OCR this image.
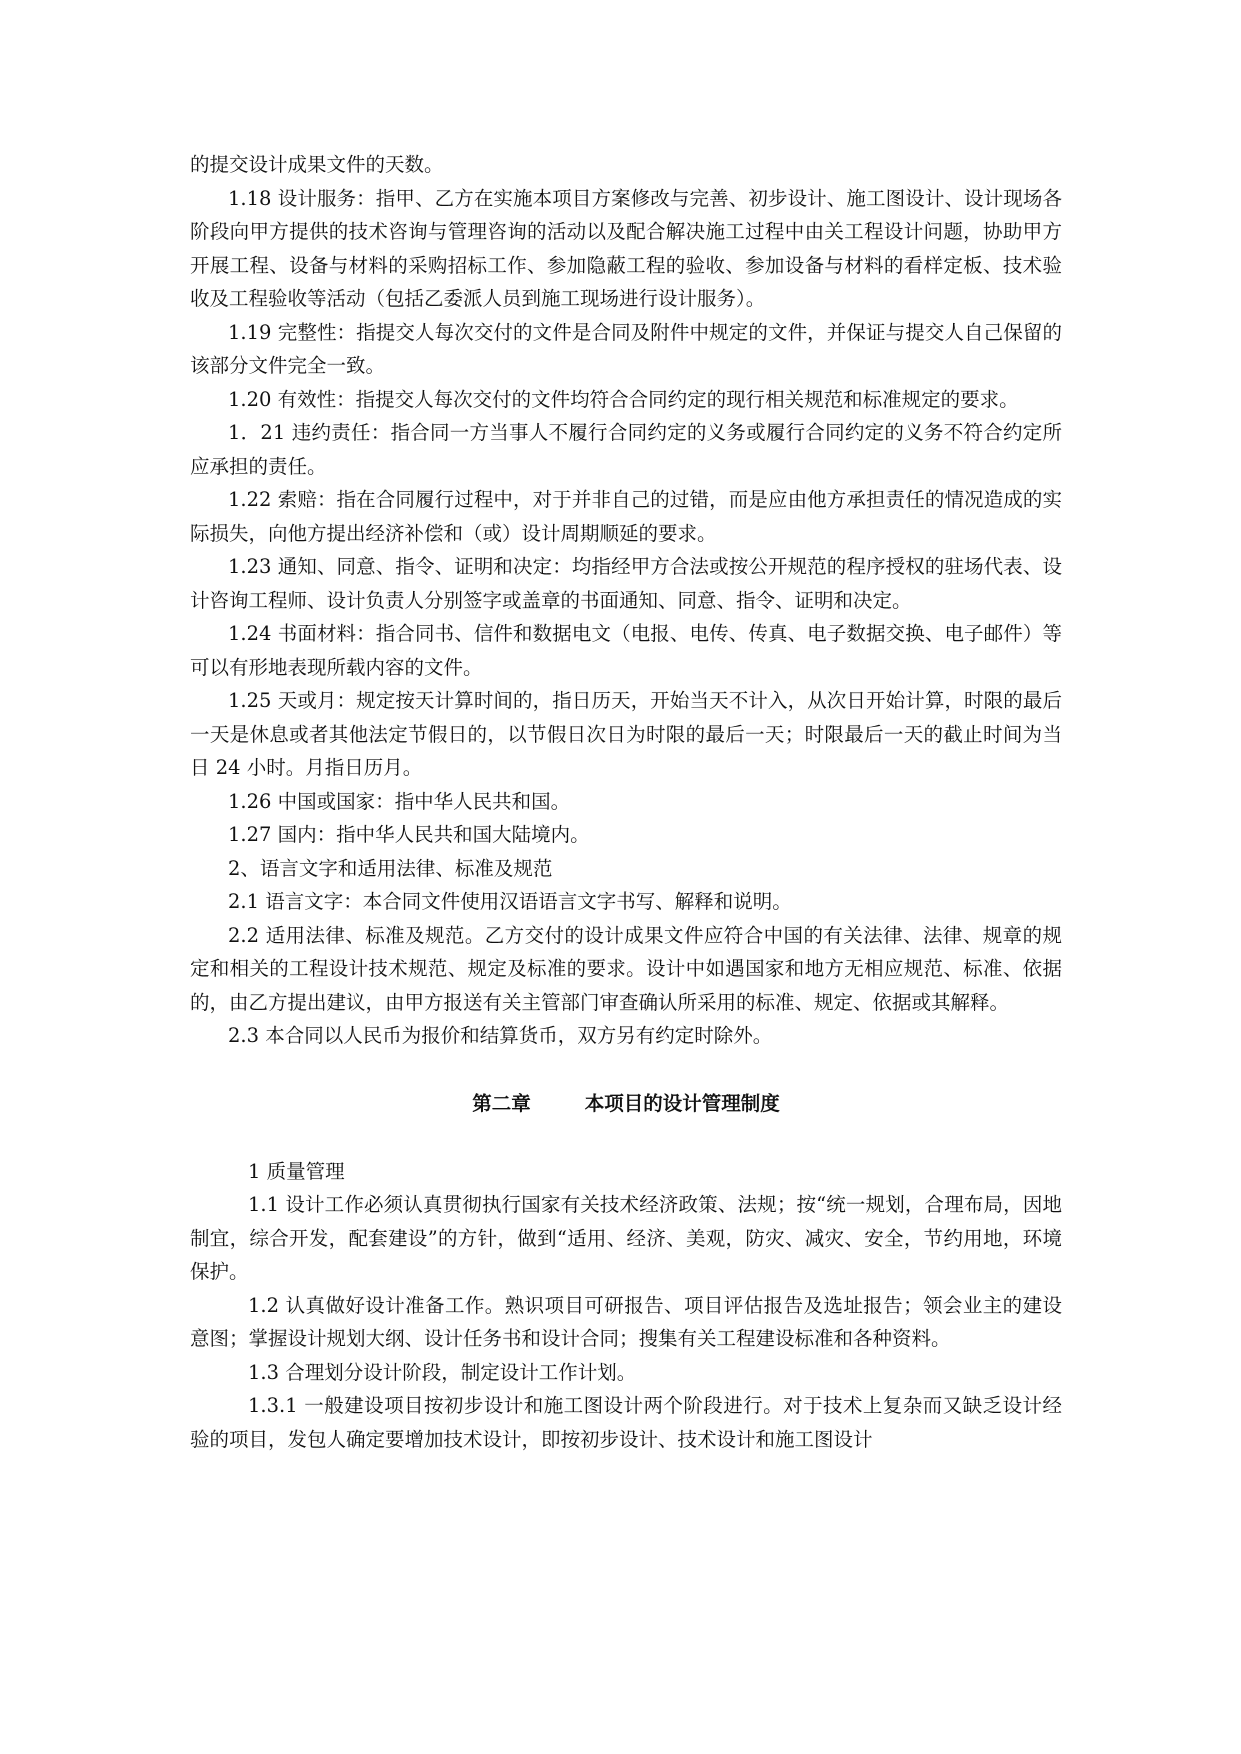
的提交设计成果文件的天数。

1.18 设计服务：指甲、乙方在实施本项目方案修改与完善、初步设计、施工图设计、设计现场各阶段向甲方提供的技术咨询与管理咨询的活动以及配合解决施工过程中由关工程设计问题，协助甲方开展工程、设备与材料的采购招标工作、参加隐蔽工程的验收、参加设备与材料的看样定板、技术验收及工程验收等活动（包括乙委派人员到施工现场进行设计服务）。

1.19 完整性：指提交人每次交付的文件是合同及附件中规定的文件，并保证与提交人自己保留的该部分文件完全一致。

1.20 有效性：指提交人每次交付的文件均符合合同约定的现行相关规范和标准规定的要求。

1．21 违约责任：指合同一方当事人不履行合同约定的义务或履行合同约定的义务不符合约定所应承担的责任。

1.22 索赔：指在合同履行过程中，对于并非自己的过错，而是应由他方承担责任的情况造成的实际损失，向他方提出经济补偿和（或）设计周期顺延的要求。

1.23 通知、同意、指令、证明和决定：均指经甲方合法或按公开规范的程序授权的驻场代表、设计咨询工程师、设计负责人分别签字或盖章的书面通知、同意、指令、证明和决定。

1.24 书面材料：指合同书、信件和数据电文（电报、电传、传真、电子数据交换、电子邮件）等可以有形地表现所载内容的文件。

1.25 天或月：规定按天计算时间的，指日历天，开始当天不计入，从次日开始计算，时限的最后一天是休息或者其他法定节假日的，以节假日次日为时限的最后一天；时限最后一天的截止时间为当日 24 小时。月指日历月。

1.26 中国或国家：指中华人民共和国。

1.27 国内：指中华人民共和国大陆境内。

2、语言文字和适用法律、标准及规范

2.1 语言文字：本合同文件使用汉语语言文字书写、解释和说明。

2.2 适用法律、标准及规范。乙方交付的设计成果文件应符合中国的有关法律、法律、规章的规定和相关的工程设计技术规范、规定及标准的要求。设计中如遇国家和地方无相应规范、标准、依据的，由乙方提出建议，由甲方报送有关主管部门审查确认所采用的标准、规定、依据或其解释。

2.3 本合同以人民币为报价和结算货币，双方另有约定时除外。

第二章	本项目的设计管理制度

1 质量管理

1.1 设计工作必须认真贯彻执行国家有关技术经济政策、法规；按“统一规划，合理布局，因地制宜，综合开发，配套建设”的方针，做到“适用、经济、美观，防灾、减灾、安全，节约用地，环境保护。

1.2 认真做好设计准备工作。熟识项目可研报告、项目评估报告及选址报告；领会业主的建设意图；掌握设计规划大纲、设计任务书和设计合同；搜集有关工程建设标准和各种资料。

1.3 合理划分设计阶段，制定设计工作计划。

1.3.1 一般建设项目按初步设计和施工图设计两个阶段进行。对于技术上复杂而又缺乏设计经验的项目，发包人确定要增加技术设计，即按初步设计、技术设计和施工图设计
